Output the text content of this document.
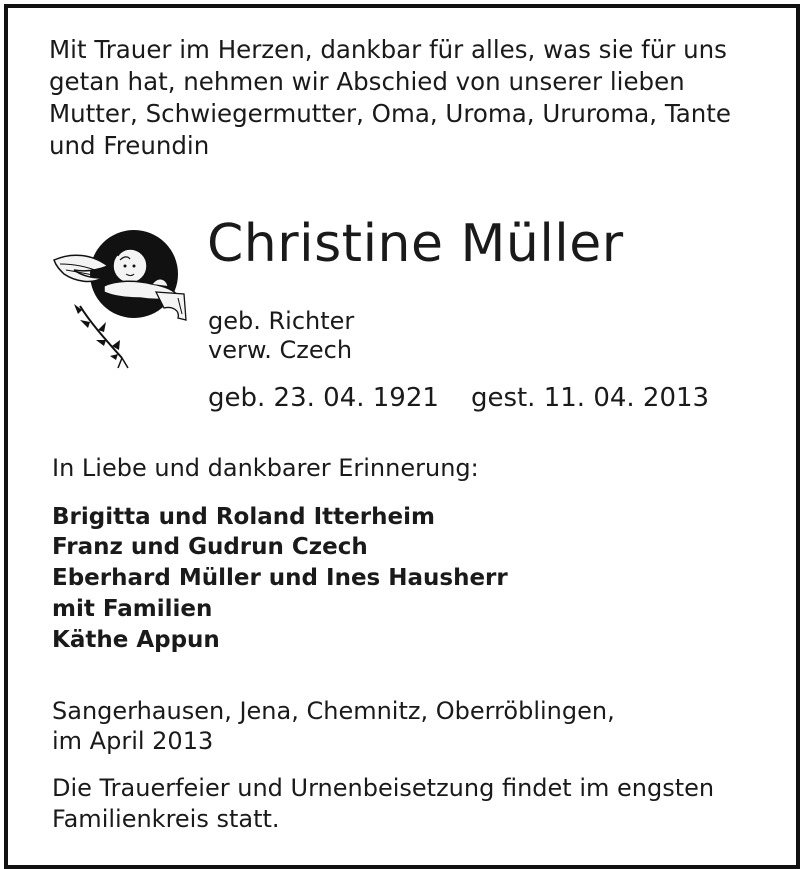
Mit Trauer im Herzen, dankbar für alles, was sie für uns
getan hat, nehmen wir Abschied von unserer lieben
Mutter, Schwiegermutter, Oma, Uroma, Ururoma, Tante
und Freundin
Christine Müller
geb. Richter
verw. Czech
geb. 23. 04. 1921 gest. 11. 04. 2013
In Liebe und dankbarer Erinnerung:
Brigitta und Roland Itterheim
Franz und Gudrun Czech
Eberhard Müller und Ines Hausherr
mit Familien
Käthe Appun
Sangerhausen, Jena, Chemnitz, Oberröblingen,
im April 2013
Die Trauerfeier und Urnenbeisetzung findet im engsten
Familienkreis statt.
